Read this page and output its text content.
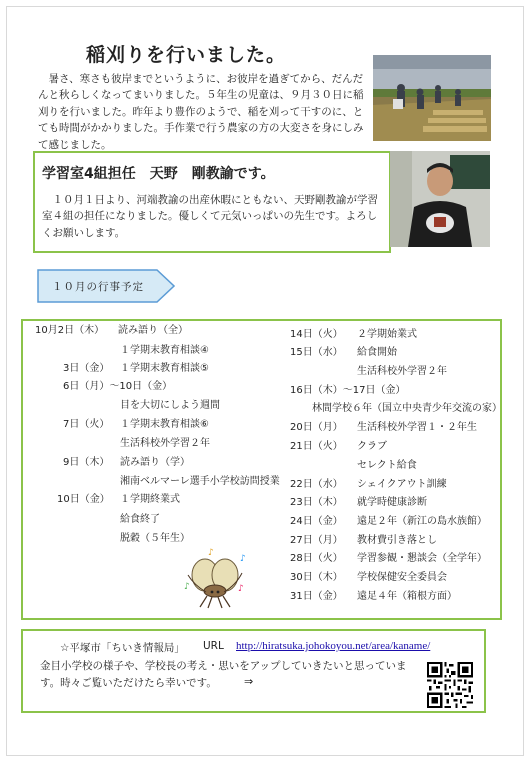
稲刈りを行いました。
　暑さ、寒さも彼岸までというように、お彼岸を過ぎてから、だんだんと秋らしくなってまいりました。５年生の児童は、９月３０日に稲刈りを行いました。昨年より豊作のようで、稲を刈って干すのに、とても時間がかかりました。手作業で行う農家の方の大変さを身にしみて感じました。
学習室4組担任　天野　剛教諭です。
　１０月１日より、河端教諭の出産休暇にともない、天野剛教諭が学習室４組の担任になりました。優しくて元気いっぱいの先生です。よろしくお願いします。
１０月の行事予定
10月2日（木） 読み語り（全）
１学期末教育相談④
3日（金） １学期末教育相談⑤
6日（月）～10日（金）
目を大切にしよう週間
7日（火） １学期末教育相談⑥
生活科校外学習２年
9日（木） 読み語り（学）
湘南ベルマーレ選手小学校訪問授業
10日（金） １学期終業式
給食終了
脱穀（５年生）
14日（火） ２学期始業式
15日（水） 給食開始
生活科校外学習２年
16日（木）～17日（金）
林間学校６年（国立中央青少年交流の家）
20日（月） 生活科校外学習１・２年生
21日（火） クラブ
セレクト給食
22日（水） シェイクアウト訓練
23日（木） 就学時健康診断
24日（金） 遠足２年（新江の島水族館）
27日（月） 教材費引き落とし
28日（火） 学習参観・懇談会（全学年）
30日（木） 学校保健安全委員会
31日（金） 遠足４年（箱根方面）
♪
♪
♪
♪
☆平塚市「ちいき情報局」 URL http://hiratsuka.johokoyou.net/area/kaname/
金目小学校の様子や、学校長の考え・思いをアップしていきたいと思っています。時々ご覧いただけたら幸いです。	⇒
